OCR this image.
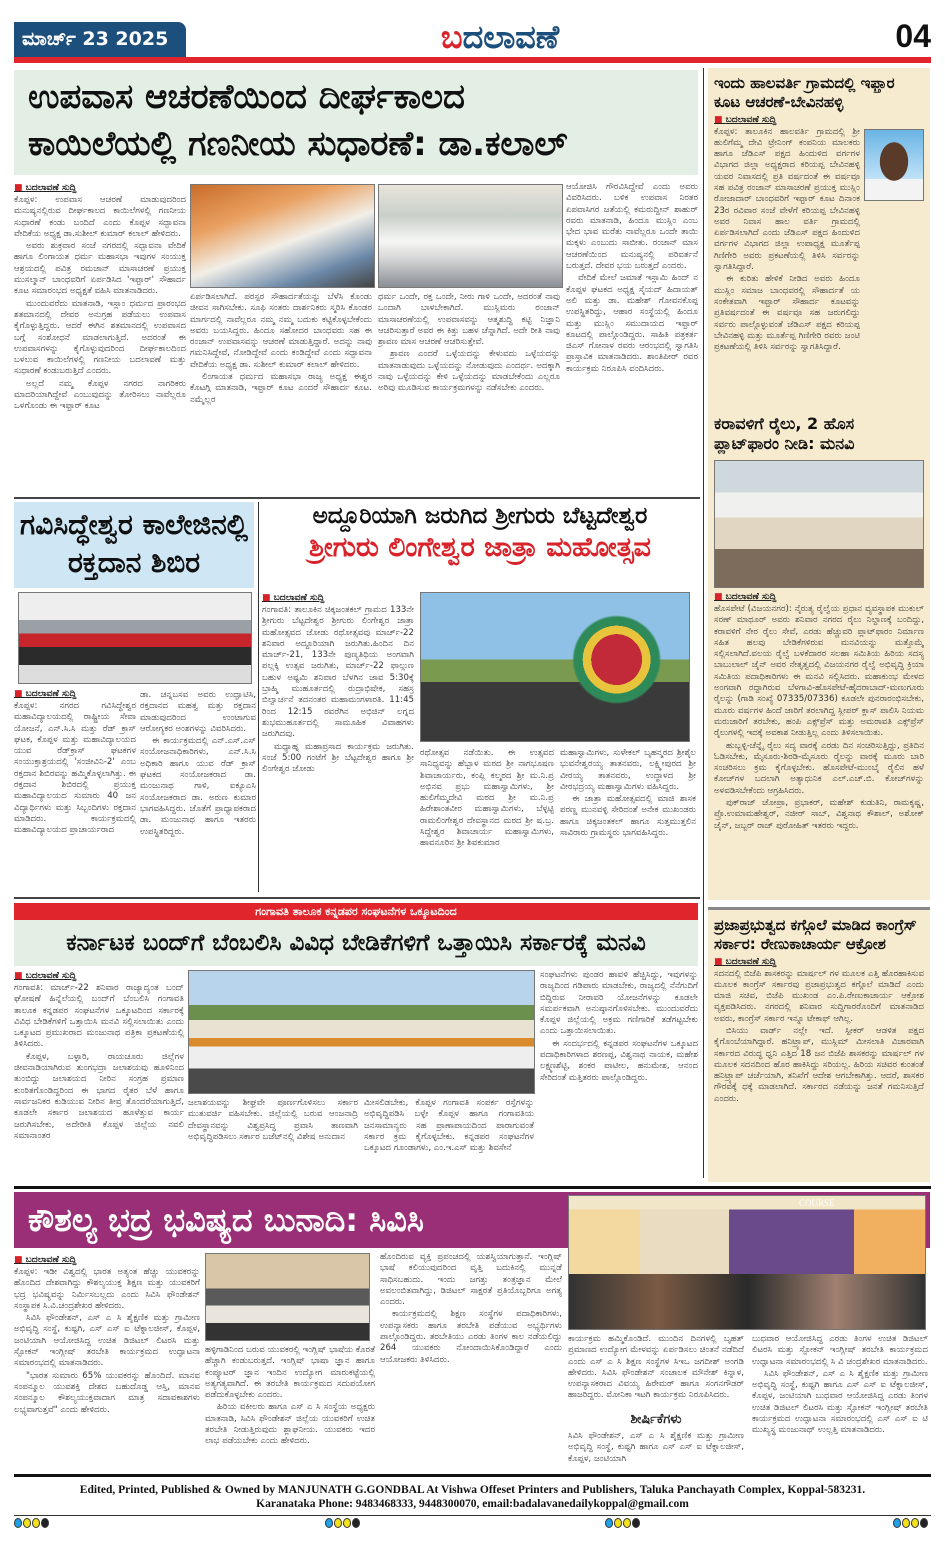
ಮಾರ್ಚ್ 23 2025	ಬದಲಾವಣೆ	04
ಉಪವಾಸ ಆಚರಣೆಯಿಂದ ದೀರ್ಘಕಾಲದ
ಕಾಯಿಲೆಯಲ್ಲಿ ಗಣನೀಯ ಸುಧಾರಣೆ: ಡಾ.ಕಲಾಲ್
■ ಬದಲಾವಣೆ ಸುದ್ದಿ

ಕೊಪ್ಪಳ: ಉಪವಾಸ ಆಚರಣೆ ಮಾಡುವುದರಿಂದ ಮನುಷ್ಯನಲ್ಲಿರುವ ದೀರ್ಘಕಾಲದ ಕಾಯಿಲೆಗಳಲ್ಲಿ ಗಣನೀಯ ಸುಧಾರಣೆ ಕಂಡು ಬಂದಿದೆ ಎಂದು ಕೊಪ್ಪಳ ಸದ್ಭಾವನಾ ವೇದಿಕೆಯ ಅಧ್ಯಕ್ಷ ಡಾ.ಸುಶೀಲ್ ಕುಮಾರ್ ಕಲಾಲ್ ಹೇಳಿದರು.

ಅವರು ಶುಕ್ರವಾರ ಸಂಜೆ ನಗರದಲ್ಲಿ ಸದ್ಭಾವನಾ ವೇದಿಕೆ ಹಾಗೂ ಲಿಂಗಾಯತ ಧರ್ಮ ಮಹಾಸಭಾ ಇವುಗಳ ಸಂಯುಕ್ತ ಆಶ್ರಯದಲ್ಲಿ ಪವಿತ್ರ ರಮಜಾನ್ ಮಾಸಾಚರಣೆ ಪ್ರಯುಕ್ತ ಮುಸಲ್ಮಾನ್ ಬಾಂಧವರಿಗೆ ಏರ್ಪಡಿಸಿದ 'ಇಫ್ತಾರ್' ಸೌಹಾರ್ದ ಕೂಟ ಸಮಾರಂಭದ ಅಧ್ಯಕ್ಷತೆ ವಹಿಸಿ ಮಾತನಾಡಿದರು.

ಮುಂದುವರೆದು ಮಾತನಾಡಿ, ಇಸ್ಲಾಂ ಧರ್ಮದ ಪ್ರಾರಂಭದ ಶತಮಾನದಲ್ಲಿ ದೇವರ ಅನುಗ್ರಹ ಪಡೆಯಲು ಉಪವಾಸ ಕೈಗೊಳ್ಳುತ್ತಿದ್ದರು. ಆದರೆ ಈಗಿನ ಶತಮಾನದಲ್ಲಿ ಉಪವಾಸದ ಬಗ್ಗೆ ಸಂಶೋಧನೆ ಮಾಡಲಾಗುತ್ತಿದೆ. ಅದರಂತೆ ಈ ಉಪವಾಸಗಳನ್ನು ಕೈಗೊಳ್ಳುವುದರಿಂದ ದೀರ್ಘಕಾಲದಿಂದ ಬಳಲುವ ಕಾಯಿಲೆಗಳಲ್ಲಿ ಗಣನೀಯ ಬದಲಾವಣೆ ಮತ್ತು ಸುಧಾರಣೆ ಕಂಡುಬರುತ್ತಿದೆ ಎಂದರು.

ಅಲ್ಲದೆ ನಮ್ಮ ಕೊಪ್ಪಳ ನಗರದ ನಾಗರಿಕರು ಮಾದರಿಯಾಗಿದ್ದೇವೆ ಎಂಬುವುದನ್ನು ತೋರಿಸಲು ನಾವೆಲ್ಲರೂ ಒಳಗೊಂಡು ಈ ಇಫ್ತಾರ್ ಕೂಟ

ಏರ್ಪಡಿಸಲಾಗಿದೆ. ಪರಸ್ಪರ ಸೌಹಾರ್ದತೆಯನ್ನು ಬೆಳೆಸಿ ಕೊಂಡು ಜೀವನ ಸಾಗಿಸಬೇಕು. ಸೂಫಿ ಸಂತರು ದಾರ್ಶನಿಕರು ಸ್ಮರಿಸಿ ಕೊಂಡರ ಮಾರ್ಗದಲ್ಲಿ ನಾವೆಲ್ಲರೂ ನಮ್ಮ ನಮ್ಮ ಬದುಕು ಕಟ್ಟಿಕೊಳ್ಳಬೇಕೆಂದು ಅವರು ಬಯಸಿದ್ದರು. ಹಿಂದೂ ಸಹೋದರ ಬಾಂಧವರು ಸಹ ಈ ರಂಜಾನ್ ಉಪವಾಸವನ್ನು ಆಚರಣೆ ಮಾಡುತ್ತಿದ್ದಾರೆ. ಅದನ್ನು ನಾವು ಗಮನಿಸಿದ್ದೇವೆ, ನೋಡಿದ್ದೇವೆ ಎಂದು ಕಂಡಿದ್ದೇವೆ ಎಂದು ಸದ್ಭಾವನಾ ವೇದಿಕೆಯ ಅಧ್ಯಕ್ಷ ಡಾ. ಸುಶೀಲ್ ಕುಮಾರ್ ಕಲಾಲ್ ಹೇಳಿದರು.

ಲಿಂಗಾಯತ ಧರ್ಮದ ಮಹಾಸಭಾ ರಾಜ್ಯ ಅಧ್ಯಕ್ಷ ಈಶ್ವರ ಕೊಟಗ್ಗಿ ಮಾತನಾಡಿ, ಇಫ್ತಾರ್ ಕೂಟ ಎಂದರೆ ಸೌಹಾರ್ದ ಕೂಟ. ನಮ್ಮೆಲ್ಲರ

ಧರ್ಮ ಒಂದೇ, ರಕ್ತ ಒಂದೇ, ನೀರು ಗಾಳಿ ಒಂದೇ, ಅದರಂತೆ ನಾವು ಒಂದಾಗಿ ಬಾಳಬೇಕಾಗಿದೆ. ಮುಸ್ಲಿಮರು ರಂಜಾನ್ ಮಾಸಾಚರಣೆಯಲ್ಲಿ ಉಪವಾಸವನ್ನು ಆತ್ಮಶುದ್ಧಿ ಕಟ್ಟಿ ನಿಜ್ಞಾನಿ ಆಚರಿಸುತ್ತಾರೆ ಅವರ ಈ ಕಿತ್ತು ಬಹಳ ಚೆನ್ನಾಗಿದೆ. ಅದೇ ರೀತಿ ನಾವು ಶ್ರಾವಣ ಮಾಸ ಆಚರಣೆ ಆಚರಿಸುತ್ತೇವೆ.

ಶ್ರಾವಣ ಎಂದರೆ ಒಳ್ಳೆಯದನ್ನು ಕೇಳುವದು ಒಳ್ಳೆಯದನ್ನು ಮಾತನಾಡುವುದು ಒಳ್ಳೆಯದನ್ನು ನೋಡುವುದು ಎಂದರ್ಥ. ಅದಕ್ಕಾಗಿ ನಾವು ಒಳ್ಳೆಯದನ್ನು ಕೇಳಿ ಒಳ್ಳೆಯದನ್ನು ಮಾಡಬೇಕೆಂದು ಎಲ್ಲರೂ ಅರಿವು ಮೂಡಿಸುವ ಕಾರ್ಯಕ್ರಮಗಳನ್ನು ನಡೆಸಬೇಕು ಎಂದರು.

ಆಯೋಜಿಸಿ ಗೌರವಿಸಿದ್ದೇವೆ ಎಂದು ಅವರು ವಿವರಿಸಿದರು. ಬಳಿಕ ಉಪವಾಸ ನಿರತರ ಏಪವಾಸಿಗರ ಜತೆಯಲ್ಲಿ ಕಮರುದ್ದೀನ್ ಶಾಹುರ್ ರವರು ಮಾತನಾಡಿ, ಹಿಂದೂ ಮುಸ್ಲಿಂ ಎಂಬ ಭೇದ ಭಾವ ಮರೆತು ನಾವೆಲ್ಲರೂ ಒಂದೇ ತಾಯಿ ಮಕ್ಕಳು ಎಂಬುದು ಸಾಬೀತು. ರಂಜಾನ್ ಮಾಸ ಆಚರಣೆಯಿಂದ ಮನುಷ್ಯನಲ್ಲಿ ಪರಿವರ್ತನೆ ಬರುತ್ತದೆ. ದೇವರ ಭಯ ಬರುತ್ತದೆ ಎಂದರು.

ವೇದಿಕೆ ಮೇಲೆ ಜಮಾತೆ ಇಸ್ಲಾಮಿ ಹಿಂದ್ ನ ಕೊಪ್ಪಳ ಘಟಕದ ಅಧ್ಯಕ್ಷ ಸೈಯದ್ ಹಿದಾಯತ್ ಅಲಿ ಮತ್ತು ಡಾ. ಮಹೇಶ್ ಗೋವನಕೊಪ್ಪ ಉಪಸ್ಥಿತರಿದ್ದು, ಆಹಾರ ಸಂಸ್ಥೆಯಲ್ಲಿ ಹಿಂದೂ ಮತ್ತು ಮುಸ್ಲಿಂ ಸಮುದಾಯದ ಇಫ್ತಾರ್ ಕೂಟದಲ್ಲಿ ಪಾಲ್ಗೊಂಡಿದ್ದರು. ಸಾಹಿತಿ ಪತ್ರಕರ್ತ ಜಿಎಸ್ ಗೋನಾಳ ರವರು ಆರಂಭದಲ್ಲಿ ಸ್ವಾಗತಿಸಿ ಪ್ರಾಸ್ತಾವಿಕ ಮಾತನಾಡಿದರು. ಶಾಂತಿಪೀರ್ ರವರ ಕಾರ್ಯಕ್ರಮ ನಿರೂಪಿಸಿ ವಂದಿಸಿದರು.

ಇಂದು ಹಾಲವರ್ತಿ ಗ್ರಾಮದಲ್ಲಿ ಇಫ್ತಾರ ಕೂಟ ಆಚರಣೆ-ಬೇವಿನಹಳ್ಳಿ
■ ಬದಲಾವಣೆ ಸುದ್ದಿ

ಕೊಪ್ಪಳ: ತಾಲೂಕಿನ ಹಾಲವರ್ತಿ ಗ್ರಾಮದಲ್ಲಿ ಶ್ರೀ ಹುಲಿಗೆಮ್ಮ ದೇವಿ ಟ್ರೇನಿಂಗ್ ಕಂಪನಿಯ ಮಾಲಕರು ಹಾಗೂ ಜೆಡಿಎಸ್ ಪಕ್ಷದ ಹಿಂದುಳಿದ ವರ್ಗಗಳ ವಿಭಾಗದ ಜಿಲ್ಲಾ ಅಧ್ಯಕ್ಷರಾದ ಕರಿಯಪ್ಪ ಬೇವಿನಹಳ್ಳಿ ಯವರ ನಿವಾಸದಲ್ಲಿ ಪ್ರತಿ ವರ್ಷದಂತೆ ಈ ವರ್ಷವೂ ಸಹ ಪವಿತ್ರ ರಂಜಾನ್ ಮಾಸಾಚರಣೆ ಪ್ರಯುಕ್ತ ಮುಸ್ಲಿಂ ರೋಜಾದಾರ್ ಬಾಂಧವರಿಗೆ ಇಫ್ತಾರ್ ಕೂಟ ದಿನಾಂಕ 23ರ ರವಿವಾರ ಸಂಜೆ ವೇಳೆಗೆ ಕರಿಯಪ್ಪ ಬೇವಿನಹಳ್ಳಿ ಅವರ ನಿವಾಸ ಹಾಲ ವರ್ತಿ ಗ್ರಾಮದಲ್ಲಿ ಏರ್ಪಡಿಸಲಾಗಿದೆ ಎಂದು ಜೆಡಿಎಸ್ ಪಕ್ಷದ ಹಿಂದುಳಿದ ವರ್ಗಗಳ ವಿಭಾಗದ ಜಿಲ್ಲಾ ಉಪಾಧ್ಯಕ್ಷ ಮೂರ್ತೆಪ್ಪ ಗಿಣಿಗೇರಿ ಅವರು ಪ್ರಕಟಣೆಯಲ್ಲಿ ತಿಳಿಸಿ ಸರ್ವರನ್ನು ಸ್ವಾಗತಿಸಿದ್ದಾರೆ.

ಈ ಕುರಿತು ಹೇಳಿಕೆ ನೀಡಿದ ಅವರು ಹಿಂದೂ ಮುಸ್ಲಿಂ ಸಮಾಜ ಬಾಂಧವರಲ್ಲಿ ಸೌಹಾರ್ದತೆ ಯ ಸಂಕೇತವಾಗಿ ಇಫ್ತಾರ್ ಸೌಹಾರ್ದ ಕೂಟವನ್ನು ಪ್ರತಿವರ್ಷದಂತೆ ಈ ವರ್ಷವೂ ಸಹ ಜರುಗಲಿದ್ದು ಸರ್ವರು ಪಾಲ್ಗೊಳ್ಳುವಂತೆ ಜೆಡಿಎಸ್ ಪಕ್ಷದ ಕರಿಯಪ್ಪ ಬೇವಿನಹಳ್ಳಿ ಮತ್ತು ಮೂರ್ತೆಪ್ಪ ಗಿಣಿಗೇರಿ ರವರು ಜಂಟಿ ಪ್ರಕಟಣೆಯಲ್ಲಿ ತಿಳಿಸಿ ಸರ್ವರನ್ನು ಸ್ವಾಗತಿಸಿದ್ದಾರೆ.

ಕರಾವಳಿಗೆ ರೈಲು, 2 ಹೊಸ ಪ್ಲಾಟ್‌ಫಾರಂ ನೀಡಿ: ಮನವಿ
■ ಬದಲಾವಣೆ ಸುದ್ದಿ

ಹೊಸಪೇಟೆ (ವಿಜಯನಗರ): ನೈರುತ್ಯ ರೈಲ್ವೆಯ ಪ್ರಧಾನ ವ್ಯವಸ್ಥಾಪಕ ಮುಕುಲ್ ಸರಣ್ ಮಾಥೂರ್ ಅವರು ಶನಿವಾರ ನಗರದ ರೈಲು ನಿಲ್ದಾಣಕ್ಕೆ ಬಂದಿದ್ದು, ಕರಾವಳಿಗೆ ನೇರ ರೈಲು ಸೇವೆ, ಎರಡು ಹೆಚ್ಚುವರಿ ಪ್ಲಾಟ್‌ಫಾರಂ ನಿರ್ಮಾಣ ಸಹಿತ ಹಲವು ಬೇಡಿಕೆಗಳಿರುವ ಮನವಿಯನ್ನು ಮತ್ತೊಮ್ಮೆ ಸಲ್ಲಿಸಲಾಗಿದೆ.ವಲಯ ರೈಲ್ವೆ ಬಳಕೆದಾರರ ಸಲಹಾ ಸಮಿತಿಯ ಹಿರಿಯ ಸದಸ್ಯ ಬಾಬುಲಾಲ್ ಜೈನ್ ಅವರ ನೇತೃತ್ವದಲ್ಲಿ ವಿಜಯನಗರ ರೈಲ್ವೆ ಅಭಿವೃದ್ಧಿ ಕ್ರಿಯಾ ಸಮಿತಿಯ ಪದಾಧಿಕಾರಿಗಳು ಈ ಮನವಿ ಸಲ್ಲಿಸಿದರು. ಮಹಾಕುಂಭ ಮೇಳದ ಅಂಗವಾಗಿ ರದ್ದಾಗಿರುವ ಬೆಳಗಾವಿ-ಹೊಸಪೇಟೆ-ಹೈದರಾಬಾದ್-ಮಣುಗೂರು ರೈಲನ್ನು (ಗಾಡಿ ಸಂಖ್ಯೆ 07335/07336) ಕೂಡಲೇ ಪುನರಾರಂಭಿಸಬೇಕು, ಮೂರು ವರ್ಷಗಳ ಹಿಂದೆ ಜಾರಿಗೆ ತರಲಾಗಿದ್ದ ಸ್ಲೀಪರ್ ಕ್ಲಾಸ್ ಪಾಲಿಸಿ ನಿಯಮ ಮರುಜಾರಿಗೆ ತರಬೇಕು, ಹಂಪಿ ಎಕ್ಸ್‌ಪ್ರೆಸ್ ಮತ್ತು ಅಮರಾವತಿ ಎಕ್ಸ್‌ಪ್ರೆಸ್ ರೈಲುಗಳಲ್ಲಿ ಇದಕ್ಕೆ ಅವಕಾಶ ನೀಡುತ್ತಿಲ್ಲ ಎಂದು ತಿಳಿಸಲಾಯಿತು.

ಹುಬ್ಬಳ್ಳಿ-ಚೆನ್ನೈ ರೈಲು ಸದ್ಯ ವಾರಕ್ಕೆ ಎರಡು ದಿನ ಸಂಚರಿಸುತ್ತಿದ್ದು, ಪ್ರತಿದಿನ ಓಡಿಸಬೇಕು, ಮೈಸೂರು-ಶಿರಡಿ-ಮೈಸೂರು ರೈಲನ್ನು ವಾರಕ್ಕೆ ಮೂರು ಬಾರಿ ಸಂಚರಿಸಲು ಕ್ರಮ ಕೈಗೊಳ್ಳಬೇಕು. ಹೊಸಪೇಟೆ-ಮುಂಬೈ ರೈಲಿನ ಹಳೆ ಕೋಚ್‌ಗಳ ಬದಲಾಗಿ ಅತ್ಯಾಧುನಿಕ ಎಲ್.ಎಚ್.ಬಿ. ಕೋಚ್‌ಗಳನ್ನು ಅಳವಡಿಸಬೇಕೆಂದು ಆಗ್ರಹಿಸಿದರು.

ಪುಕ್‌ರಾಜ್ ಚೋಪ್ರಾ, ಪ್ರಭಾಕರ್, ಮಹೇಶ್ ಕುಡುತಿನಿ, ರಾಮಕೃಷ್ಣ, ಪ್ರೊ.ಉಮಾಮಹೇಶ್ವರ್, ನಜೀರ್ ಸಾಬ್, ವಿಶ್ವನಾಥ ಕೌಶಾಲ್, ಅಶೋಕ್ ಜೈನ್, ಜಬ್ಬರ್ ರಾಜ್ ಪುರೋಹಿತ್ ಇತರರು ಇದ್ದರು.

ಗವಿಸಿದ್ಧೇಶ್ವರ ಕಾಲೇಜಿನಲ್ಲಿ ರಕ್ತದಾನ ಶಿಬಿರ
■ ಬದಲಾವಣೆ ಸುದ್ದಿ

ಕೊಪ್ಪಳ: ನಗರದ ಗವಿಸಿದ್ಧೇಶ್ವರ ಮಹಾವಿದ್ಯಾಲಯದಲ್ಲಿ ರಾಷ್ಟ್ರೀಯ ಸೇವಾ ಯೋಜನೆ, ಎನ್.ಸಿ.ಸಿ ಮತ್ತು ರೆಡ್ ಕ್ರಾಸ್ ಘಟಕ, ಕೊಪ್ಪಳ ಮತ್ತು ಮಹಾವಿದ್ಯಾಲಯದ ಯುವ ರೆಡ್‌ಕ್ರಾಸ್ ಘಟಕಗಳ ಸಂಯುಕ್ತಾಶ್ರಯದಲ್ಲಿ 'ಸಂಜೀವಿನಿ-2' ಎಂಬ ರಕ್ತದಾನ ಶಿಬಿರವನ್ನು ಹಮ್ಮಿಕೊಳ್ಳಲಾಗಿತ್ತು. ಈ ರಕ್ತದಾನ ಶಿಬಿರದಲ್ಲಿ ಪ್ರಯುಕ್ತ ಮಹಾವಿದ್ಯಾಲಯದ ಸುಮಾರು 40 ಜನ ವಿದ್ಯಾರ್ಥಿಗಳು ಮತ್ತು ಸಿಬ್ಬಂದಿಗಳು ರಕ್ತದಾನ ಮಾಡಿದರು. ಕಾರ್ಯಕ್ರಮದಲ್ಲಿ ಮಹಾವಿದ್ಯಾಲಯದ ಪ್ರಾಚಾರ್ಯರಾದ

ಡಾ. ಚನ್ನಬಸವ ಅವರು ಉದ್ಘಾಟಿಸಿ, ರಕ್ತದಾನದ ಮಹತ್ವ ಮತ್ತು ರಕ್ತದಾನ ಮಾಡುವುದರಿಂದ ಉಂಟಾಗುವ ಆರೋಗ್ಯಕರ ಅಂಶಗಳನ್ನು ವಿವರಿಸಿದರು.

ಈ ಕಾರ್ಯಕ್ರಮದಲ್ಲಿ ಎನ್.ಎಸ್.ಎಸ್ ಸಂಯೋಜನಾಧಿಕಾರಿಗಳು, ಎನ್.ಸಿ.ಸಿ ಅಧಿಕಾರಿ ಹಾಗೂ ಯುವ ರೆಡ್ ಕ್ರಾಸ್ ಘಟಕದ ಸಂಯೋಜಕರಾದ ಡಾ. ಮಂಜುನಾಥ ಗಾಳಿ, ಐಕ್ಯೂಎಸಿ ಸಂಯೋಜಕರಾದ ಡಾ. ಅರುಣ ಕುಮಾರ ಭಾಗವಹಿಸಿದ್ದರು. ಜೊತೆಗೆ ಪ್ರಾಧ್ಯಾಪಕರಾದ ಡಾ. ಮಂಜುನಾಥ ಹಾಗೂ ಇತರರು ಉಪಸ್ಥಿತರಿದ್ದರು.

ಅದ್ದೂರಿಯಾಗಿ ಜರುಗಿದ ಶ್ರೀಗುರು ಬೆಟ್ಟದೇಶ್ವರ
ಶ್ರೀಗುರು ಲಿಂಗೇಶ್ವರ ಜಾತ್ರಾ ಮಹೋತ್ಸವ
■ ಬದಲಾವಣೆ ಸುದ್ದಿ

ಗಂಗಾವತಿ: ತಾಲೂಕಿನ ಚಿಕ್ಕಜಂತಕಲ್ ಗ್ರಾಮದ 133ನೇ ಶ್ರೀಗುರು ಬೆಟ್ಟದೇಶ್ವರ ಶ್ರೀಗುರು ಲಿಂಗೇಶ್ವರ ಜಾತ್ರಾ ಮಹೋತ್ಸವದ ಜೋಡು ರಥೋತ್ಸವವು ಮಾರ್ಚ್-22 ಶನಿವಾರ ಅದ್ದೂರಿಯಾಗಿ ಜರುಗಿತು.ಹಿಂದಿನ ದಿನ ಮಾರ್ಚ್-21, 133ನೇ ಪುಣ್ಯತಿಥಿಯ ಅಂಗವಾಗಿ ಪಲ್ಲಕ್ಕಿ ಉತ್ಸವ ಜರುಗಿತು, ಮಾರ್ಚ್-22 ಫಾಲ್ಗುಣ ಬಹುಳ ಅಷ್ಟಮಿ ಶನಿವಾರ ಬೆಳಗಿನ ಜಾವ 5:30ಕ್ಕೆ ಬ್ರಾಹ್ಮಿ ಮುಹೂರ್ತದಲ್ಲಿ ರುದ್ರಾಭಿಷೇಕ, ಸಹಸ್ರ ಬಿಲ್ವಾರ್ಚನೆ ತದನಂತರ ಮಹಾಮಂಗಳಾರತಿ. 11:45 ರಿಂದ 12:15 ರವರೆಗಿನ ಅಭಿಜಿನ್ ಲಗ್ನದ ಶುಭಮುಹೂರ್ತದಲ್ಲಿ ಸಾಮೂಹಿಕ ವಿವಾಹಗಳು ಜರುಗಿದವು.

ಮಧ್ಯಾಹ್ನ ಮಹಾಪ್ರಸಾದ ಕಾರ್ಯಕ್ರಮ ಜರುಗಿತು. ಸಂಜೆ 5:00 ಗಂಟೆಗೆ ಶ್ರೀ ಬೆಟ್ಟದೇಶ್ವರ ಹಾಗೂ ಶ್ರೀ ಲಿಂಗೇಶ್ವರ ಜೋಡು

ರಥೋತ್ಸವ ನಡೆಯಿತು. ಈ ಉತ್ಸವದ ಸಾನಿಧ್ಯವನ್ನು ಹೆಬ್ಬಾಳ ಮಠದ ಶ್ರೀ ನಾಗಭೂಷಣ ಶಿವಾಚಾರ್ಯರು, ಕಂಪ್ಲಿ ಕಲ್ಮಠದ ಶ್ರೀ ಮ.ನಿ.ಪ್ರ ಅಭಿನವ ಪ್ರಭು ಮಹಾಸ್ವಾಮಿಗಳು, ಶ್ರೀ ಹುಲಿಗೆಮ್ಮದೇವಿ ಮಠದ ಶ್ರೀ ಮ.ನಿ.ಪ್ರ ಹಿರೇಶಾಂತವೀರ ಮಹಾಸ್ವಾಮಿಗಳು, ಬೆಳ್ಳಟ್ಟಿ ರಾಮಲಿಂಗೇಶ್ವರ ದೇವಸ್ಥಾನದ ಮಠದ ಶ್ರೀ ಷ.ಬ್ರ. ಸಿದ್ದೇಶ್ವರ ಶಿವಾಚಾರ್ಯ ಮಹಾಸ್ವಾಮಿಗಳು, ಹಾವನೂರಿನ ಶ್ರೀ ಶಿವಕುಮಾರ

ಮಹಾಸ್ವಾಮಿಗಳು, ಸುಳೇಕಲ್ ಬೃಹನ್ಮಠದ ಶ್ರೀಶೈಲ ಭುವನೇಶ್ವರಯ್ಯ ತಾತನವರು, ಲಕ್ಷ್ಮೀಪುರದ ಶ್ರೀ ವೀರಯ್ಯ ತಾತನವರು, ಉದ್ಧಾಳದ ಶ್ರೀ ವೀರಭದ್ರಯ್ಯ ಮಹಾಸ್ವಾಮಿಗಳು ವಹಿಸಿದ್ದರು.

ಈ ಜಾತ್ರಾ ಮಹೋತ್ಸವದಲ್ಲಿ ಮಾಜಿ ಶಾಸಕ ಪರಣ್ಣ ಮುನವಳ್ಳಿ ಸೇರಿದಂತೆ ಅನೇಕ ಮುಖಂಡರು ಹಾಗೂ ಚಿಕ್ಕಜಂತಕಲ್ ಹಾಗೂ ಸುತ್ತಮುತ್ತಲಿನ ಸಾವಿರಾರು ಗ್ರಾಮಸ್ಥರು ಭಾಗವಹಿಸಿದ್ದರು.

ಗಂಗಾವತಿ ತಾಲೂಕ ಕನ್ನಡಪರ ಸಂಘಟನೆಗಳ ಒಕ್ಕೂಟದಿಂದ
ಕರ್ನಾಟಕ ಬಂದ್‌ಗೆ ಬೆಂಬಲಿಸಿ ವಿವಿಧ ಬೇಡಿಕೆಗಳಿಗೆ ಒತ್ತಾಯಿಸಿ ಸರ್ಕಾರಕ್ಕೆ ಮನವಿ
■ ಬದಲಾವಣೆ ಸುದ್ದಿ

ಗಂಗಾವತಿ: ಮಾರ್ಚ್-22 ಶನಿವಾರ ರಾಜ್ಯಾದ್ಯಂತ ಬಂದ್ ಘೋಷಣೆ ಹಿನ್ನೆಲೆಯಲ್ಲಿ ಬಂದ್‌ಗೆ ಬೆಂಬಲಿಸಿ ಗಂಗಾವತಿ ತಾಲೂಕ ಕನ್ನಡಪರ ಸಂಘಟನೆಗಳ ಒಕ್ಕೂಟದಿಂದ ಸರ್ಕಾರಕ್ಕೆ ವಿವಿಧ ಬೇಡಿಕೆಗಳಿಗೆ ಒತ್ತಾಯಿಸಿ ಮನವಿ ಸಲ್ಲಿಸಲಾಯಿತು ಎಂದು ಒಕ್ಕೂಟದ ಪ್ರಮುಖರಾದ ಮಂಜುನಾಥ ಪತ್ರಿಕಾ ಪ್ರಕಟಣೆಯಲ್ಲಿ ತಿಳಿಸಿದರು.

ಕೊಪ್ಪಳ, ಬಳ್ಳಾರಿ, ರಾಯಚೂರು ಜಿಲ್ಲೆಗಳ ಜೀವನಾಡಿಯಾಗಿರುವ ತುಂಗಭದ್ರಾ ಜಲಾಶಯವು ಹೂಳಿನಿಂದ ತುಂಬಿದ್ದು ಜಲಾಶಯದ ನೀರಿನ ಸಂಗ್ರಹ ಪ್ರಮಾಣ ಕುಂಠಿತಗೊಂಡಿದ್ದರಿಂದ ಈ ಭಾಗದ ರೈತರ ಬೆಳೆ ಹಾಗೂ ಸಾರ್ವಜನಿಕರ ಕುಡಿಯುವ ನೀರಿನ ತೀವ್ರ ತೊಂದರೆಯಾಗುತ್ತಿದೆ, ಕೂಡಲೇ ಸರ್ಕಾರ ಜಲಾಶಯದ ಹೂಳೆತ್ತುವ ಕಾರ್ಯ ಜರುಗಿಸಬೇಕು, ಅದೇರೀತಿ ಕೊಪ್ಪಳ ಜಿಲ್ಲೆಯ ನವಲಿ ಸಮಾನಾಂತರ

ಜಲಾಶಯವನ್ನು ಶೀಘ್ರವೇ ಪೂರ್ಣಗೊಳಿಸಲು ಸರ್ಕಾರ ಮುತುವರ್ಜಿ ವಹಿಸಬೇಕು. ಜಿಲ್ಲೆಯಲ್ಲಿ ಬರುವ ಆಂಜನಾದ್ರಿ ದೇವಸ್ಥಾನವನ್ನು ವಿಶ್ವಪ್ರಸಿದ್ಧ ಪ್ರವಾಸಿ ತಾಣವಾಗಿ ಅಭಿವೃದ್ಧಿಪಡಿಸಲು ಸರ್ಕಾರ ಬಜೆಟ್‌ನಲ್ಲಿ ವಿಶೇಷ ಅನುದಾನ

ಮೀಸಲಿಡಬೇಕು, ಕೊಪ್ಪಳ ಗಂಗಾವತಿ ಸಂಪರ್ಕ ರಸ್ತೆಗಳನ್ನು ಅಭಿವೃದ್ಧಿಪಡಿಸಿ ಬಳ್ಳೇ ಕೊಪ್ಪಳ ಹಾಗೂ ಗಂಗಾವತಿಯ ಜನಸಾಮಾನ್ಯರು ಸಹ ಪ್ರಾಣಾಪಾಯದಿಂದ ಪಾರಾಗುವಂತೆ ಸರ್ಕಾರ ಕ್ರಮ ಕೈಗೊಳ್ಳಬೇಕು. ಕನ್ನಡಪರ ಸಂಘಟನೆಗಳ ಒಕ್ಕೂಟದ ಗೂಂಡಾಗಳು, ಎಂ.ಇ.ಎಸ್ ಮತ್ತು ಶಿವಸೇನೆ

ಸಂಘಟನೆಗಳು ಪುಂಡರ ಹಾವಳಿ ಹೆಚ್ಚಿಸಿದ್ದು, ಇವುಗಳನ್ನು ರಾಜ್ಯದಿಂದ ಗಡಿಪಾರು ಮಾಡಬೇಕು, ರಾಜ್ಯದಲ್ಲಿ ನೆನೆಗುದಿಗೆ ಬಿದ್ದಿರುವ ನೀರಾವರಿ ಯೋಜನೆಗಳನ್ನು ಕೂಡಲೇ ಸಮರ್ಪಕವಾಗಿ ಅನುಷ್ಠಾನಗೊಳಿಸಬೇಕು. ಮುಂದುವರೆದು ಕೊಪ್ಪಳ ಜಿಲ್ಲೆಯಲ್ಲಿ ಅಕ್ರಮ ಗಣಿಗಾರಿಕೆ ತಡೆಗಟ್ಟಬೇಕು ಎಂದು ಒತ್ತಾಯಿಸಲಾಯಿತು.

ಈ ಸಂದರ್ಭದಲ್ಲಿ ಕನ್ನಡಪರ ಸಂಘಟನೆಗಳ ಒಕ್ಕೂಟದ ಪದಾಧಿಕಾರಿಗಳಾದ ಶರಣಪ್ಪ, ವಿಶ್ವನಾಥ ನಾಯಕ, ಮಹೇಶ ಲಕ್ಷ್ಮಣಶೆಟ್ಟಿ, ಶಂಕರ ಪಾಟೀಲ, ಹನುಮೇಶ, ಆನಂದ ಸೇರಿದಂತೆ ಮತ್ತಿತರರು ಪಾಲ್ಗೊಂಡಿದ್ದರು.

ಪ್ರಜಾಪ್ರಭುತ್ವದ ಕಗ್ಗೊಲೆ ಮಾಡಿದ ಕಾಂಗ್ರೆಸ್ ಸರ್ಕಾರ: ರೇಣುಕಾಚಾರ್ಯ ಆಕ್ರೋಶ
■ ಬದಲಾವಣೆ ಸುದ್ದಿ

ಸದನದಲ್ಲಿ ಬಿಜೆಪಿ ಶಾಸಕರನ್ನು ಮಾರ್ಷಲ್ ಗಳ ಮೂಲಕ ಎತ್ತಿ ಹೊರಹಾಕಿಸುವ ಮೂಲಕ ಕಾಂಗ್ರೆಸ್ ಸರ್ಕಾರವು ಪ್ರಜಾಪ್ರಭುತ್ವದ ಕಗ್ಗೊಲೆ ಮಾಡಿದೆ ಎಂದು ಮಾಜಿ ಸಚಿವ, ಬಿಜೆಪಿ ಮುಖಂಡ ಎಂ.ಪಿ.ರೇಣುಕಾಚಾರ್ಯ ಆಕ್ರೋಶ ವ್ಯಕ್ತಪಡಿಸಿದರು. ನಗರದಲ್ಲಿ ಶನಿವಾರ ಸುದ್ದಿಗಾರರೊಂದಿಗೆ ಮಾತನಾಡಿದ ಅವರು, ಕಾಂಗ್ರೆಸ್ ಸರ್ಕಾರ ಇನ್ನೂ ಟೇಕಾಫ್ ಆಗಿಲ್ಲ.

ಬಿಸಿಯು ವಾರ್ಡ್ ನಲ್ಲೇ ಇದೆ. ಸ್ಪೀಕರ್ ಆಡಳಿತ ಪಕ್ಷದ ಕೈಗೊಂಬೆಯಾಗಿದ್ದಾರೆ. ಹನಿಟ್ರ್ಯಾಪ್, ಮುಸ್ಲಿಮ್ ಮೀಸಲಾತಿ ವಿಚಾರವಾಗಿ ಸರ್ಕಾರದ ವಿರುದ್ಧ ಧ್ವನಿ ಎತ್ತಿದ 18 ಜನ ಬಿಜೆಪಿ ಶಾಸಕರನ್ನು ಮಾರ್ಷಲ್ ಗಳ ಮೂಲಕ ಸದನದಿಂದ ಹೊರ ಹಾಕಿಸಿದ್ದು ಸರಿಯಲ್ಲ. ಹಿರಿಯ ಸಚಿವರ ಕುಂತಂತೆ ಹನಿಟ್ರ್ಯಾಪ್ ಚರ್ಚೆಯಾಗಿ, ತನಿಖೆಗೆ ಆದೇಶ ಆಗಬೇಕಾಗಿತ್ತು. ಆದರೆ, ಶಾಸಕರ ಗೌರವಕ್ಕೆ ಧಕ್ಕೆ ಮಾಡಲಾಗಿದೆ. ಸರ್ಕಾರದ ನಡೆಯನ್ನು ಜನತೆ ಗಮನಿಸುತ್ತಿದೆ ಎಂದರು.

ಕೌಶಲ್ಯ ಭದ್ರ ಭವಿಷ್ಯದ ಬುನಾದಿ: ಸಿವಿಸಿ	COURSE
■ ಬದಲಾವಣೆ ಸುದ್ದಿ

ಕೊಪ್ಪಳ: ಇಡೀ ವಿಶ್ವದಲ್ಲಿ ಭಾರತ ಅತ್ಯಂತ ಹೆಚ್ಚು ಯುವಕರನ್ನು ಹೊಂದಿದ ದೇಶವಾಗಿದ್ದು ಕೌಶಲ್ಯಯುಕ್ತ ಶಿಕ್ಷಣ ಮತ್ತು ಯುವಕರಿಗೆ ಭದ್ರ ಭವಿಷ್ಯವನ್ನು ನಿರ್ಮಿಸಬಲ್ಲದು ಎಂದು ಸಿವಿಸಿ ಫೌಂಡೇಶನ್ ಸಂಸ್ಥಾಪಕ ಸಿ.ವಿ.ಚಂದ್ರಶೇಖರ ಹೇಳಿದರು.

ಸಿವಿಸಿ ಫೌಂಡೇಶನ್, ಎಸ್ ಎ ಸಿ ಶೈಕ್ಷಣಿಕ ಮತ್ತು ಗ್ರಾಮೀಣ ಅಭಿವೃದ್ಧಿ ಸಂಸ್ಥೆ, ಕುಷ್ಟಗಿ, ಎಸ್ ಎಸ್ ಐ ಟೆಕ್ನಾಲಜೀಸ್, ಕೊಪ್ಪಳ, ಜಂಟಿಯಾಗಿ ಆಯೋಜಿಸಿದ್ದ ಉಚಿತ ಡಿಜಿಟಲ್ ಲಿಟರಸಿ ಮತ್ತು ಸ್ಪೋಕನ್ ಇಂಗ್ಲೀಷ್ ತರಬೇತಿ ಕಾರ್ಯಕ್ರಮದ ಉದ್ಘಾಟನಾ ಸಮಾರಂಭದಲ್ಲಿ ಮಾತನಾಡಿದರು.

"ಭಾರತ ಸುಮಾರು 65% ಯುವಕರನ್ನು ಹೊಂದಿದೆ. ಮಾನವ ಸಂಪನ್ಮೂಲ ಯುವಶಕ್ತಿ ದೇಶದ ಬಹುದೊಡ್ಡ ಆಸ್ತಿ, ಮಾನವ ಸಂಪನ್ಮೂಲ ಕೌಶಲ್ಯಯುಕ್ತವಾದಾಗ ಮಾತ್ರ ಸದಾವಕಾಶಗಳು ಲಭ್ಯವಾಗುತ್ತವೆ" ಎಂದು ಹೇಳಿದರು.

ಹಳ್ಳಿಗಾಡಿನಿಂದ ಬರುವ ಯುವಕರಲ್ಲಿ ಇಂಗ್ಲಿಷ್ ಭಾಷೆಯ ಕೊರತೆ ಹೆಚ್ಚಾಗಿ ಕಂಡುಬರುತ್ತದೆ. ಇಂಗ್ಲಿಷ್ ಭಾಷಾ ಜ್ಞಾನ ಹಾಗೂ ಕಂಪ್ಯೂಟರ್ ಜ್ಞಾನ ಇಂದಿನ ಉದ್ಯೋಗ ಮಾರುಕಟ್ಟೆಯಲ್ಲಿ ಅತ್ಯಗತ್ಯವಾಗಿದೆ. ಈ ತರಬೇತಿ ಕಾರ್ಯಕ್ರಮದ ಸದುಪಯೋಗ ಪಡೆದುಕೊಳ್ಳಬೇಕು ಎಂದರು.

ಹಿರಿಯ ವಕೀಲರು ಹಾಗೂ ಎಸ್ ಎ ಸಿ ಸಂಸ್ಥೆಯ ಅಧ್ಯಕ್ಷರು ಮಾತನಾಡಿ, ಸಿವಿಸಿ ಫೌಂಡೇಶನ್ ಜಿಲ್ಲೆಯ ಯುವಕರಿಗೆ ಉಚಿತ ತರಬೇತಿ ನೀಡುತ್ತಿರುವುದು ಶ್ಲಾಘನೀಯ. ಯುವಕರು ಇದರ ಲಾಭ ಪಡೆಯಬೇಕು ಎಂದು ಹೇಳಿದರು.

ಹೊಂದಿರುವ ವ್ಯಕ್ತಿ ಪ್ರಪಂಚದಲ್ಲಿ ಯಶಸ್ವಿಯಾಗುತ್ತಾನೆ. ಇಂಗ್ಲಿಷ್ ಭಾಷೆ ಕಲಿಯುವುದರಿಂದ ವೃತ್ತಿ ಬದುಕಿನಲ್ಲಿ ಮುನ್ನಡೆ ಸಾಧಿಸಬಹುದು. ಇಂದು ಜಗತ್ತು ತಂತ್ರಜ್ಞಾನ ಮೇಲೆ ಅವಲಂಬಿತವಾಗಿದ್ದು, ಡಿಜಿಟಲ್ ಸಾಕ್ಷರತೆ ಪ್ರತಿಯೊಬ್ಬರಿಗೂ ಅಗತ್ಯ ಎಂದರು.

ಕಾರ್ಯಕ್ರಮದಲ್ಲಿ ಶಿಕ್ಷಣ ಸಂಸ್ಥೆಗಳ ಪದಾಧಿಕಾರಿಗಳು, ಉಪನ್ಯಾಸಕರು ಹಾಗೂ ತರಬೇತಿ ಪಡೆಯುವ ಅಭ್ಯರ್ಥಿಗಳು ಪಾಲ್ಗೊಂಡಿದ್ದರು. ತರಬೇತಿಯು ಎರಡು ತಿಂಗಳ ಕಾಲ ನಡೆಯಲಿದ್ದು 264 ಯುವಕರು ನೋಂದಾಯಿಸಿಕೊಂಡಿದ್ದಾರೆ ಎಂದು ಆಯೋಜಕರು ತಿಳಿಸಿದರು.

ಕಾರ್ಯಕ್ರಮ ಹಮ್ಮಿಕೊಂಡಿದೆ. ಮುಂದಿನ ದಿನಗಳಲ್ಲಿ ಬೃಹತ್ ಪ್ರಮಾಣದ ಉದ್ಯೋಗ ಮೇಳವನ್ನು ಏರ್ಪಡಿಸಲು ಚಿಂತನೆ ನಡೆದಿದೆ ಎಂದು ಎಸ್ ಎ ಸಿ ಶಿಕ್ಷಣ ಸಂಸ್ಥೆಗಳ ಸಿಇಒ ಜಗದೀಶ್ ಅಂಗಡಿ ಹೇಳಿದರು. ಸಿವಿಸಿ ಫೌಂಡೇಶನ್ ಸಂಚಾಲಕ ಮೌನೇಶ್ ಕಿನ್ನಾಳ, ಉಪನ್ಯಾಸಕರಾದ ವಿವಯ್ಯ ಹಿರೇಮಠ್ ಹಾಗೂ ಸಂಗನಗೌಡರ್ ಹಾಜರಿದ್ದರು. ಮೋನಿಕಾ ಇಟಗಿ ಕಾರ್ಯಕ್ರಮ ನಿರೂಪಿಸಿದರು.

ಶೀರ್ಷಿಕೆಗಳು

ಸಿವಿಸಿ ಫೌಂಡೇಶನ್, ಎಸ್ ಎ ಸಿ ಶೈಕ್ಷಣಿಕ ಮತ್ತು ಗ್ರಾಮೀಣ ಅಭಿವೃದ್ಧಿ ಸಂಸ್ಥೆ, ಕುಷ್ಟಗಿ ಹಾಗೂ ಎಸ್ ಎಸ್ ಐ ಟೆಕ್ನಾಲಜೀಸ್, ಕೊಪ್ಪಳ, ಜಂಟಿಯಾಗಿ

ಬುಧವಾರ ಆಯೋಜಿಸಿದ್ದ ಎರಡು ತಿಂಗಳ ಉಚಿತ ಡಿಜಿಟಲ್ ಲಿಟರಸಿ ಮತ್ತು ಸ್ಪೋಕನ್ ಇಂಗ್ಲೀಷ್ ತರಬೇತಿ ಕಾರ್ಯಕ್ರಮದ ಉದ್ಘಾಟನಾ ಸಮಾರಂಭದಲ್ಲಿ ಸಿ ವಿ ಚಂದ್ರಶೇಖರ ಮಾತನಾಡಿದರು.

ಸಿವಿಸಿ ಫೌಂಡೇಶನ್, ಎಸ್ ಎ ಸಿ ಶೈಕ್ಷಣಿಕ ಮತ್ತು ಗ್ರಾಮೀಣ ಅಭಿವೃದ್ಧಿ ಸಂಸ್ಥೆ, ಕುಷ್ಟಗಿ ಹಾಗೂ ಎಸ್ ಎಸ್ ಐ ಟೆಕ್ನಾಲಜೀಸ್, ಕೊಪ್ಪಳ, ಜಂಟಿಯಾಗಿ ಬುಧವಾರ ಆಯೋಜಿಸಿದ್ದ ಎರಡು ತಿಂಗಳ ಉಚಿತ ಡಿಜಿಟಲ್ ಲಿಟರಸಿ ಮತ್ತು ಸ್ಪೋಕನ್ ಇಂಗ್ಲೀಷ್ ತರಬೇತಿ ಕಾರ್ಯಕ್ರಮದ ಉದ್ಘಾಟನಾ ಸಮಾರಂಭದಲ್ಲಿ ಎಸ್ ಎಸ್ ಐ ಟಿ ಮುಖ್ಯಸ್ಥ ಮಂಜುನಾಥ್ ಉಲ್ಲತ್ತಿ ಮಾತನಾಡಿದರು.

Edited, Printed, Published & Owned by MANJUNATH G.GONDBAL At Vishwa Offeset Printers and Publishers, Taluka Panchayath Complex, Koppal-583231.
Karanataka Phone: 9483468333, 9448300070, email:badalavanedailykoppal@gmail.com
